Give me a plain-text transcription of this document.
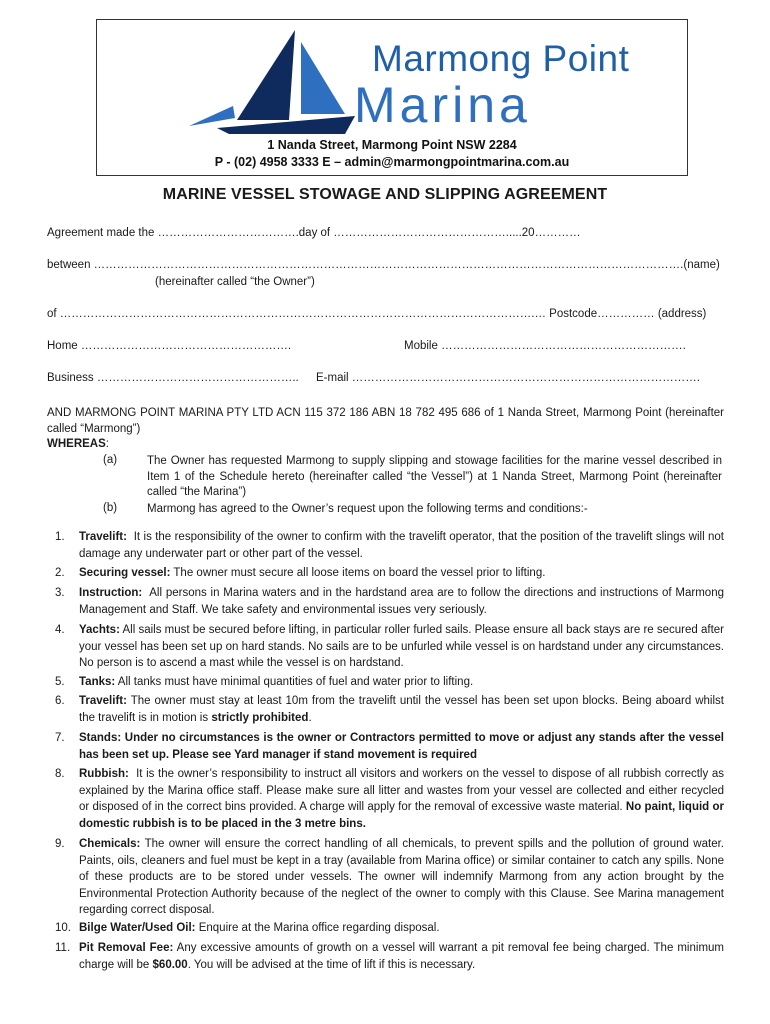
Marmong Point
Marina
1 Nanda Street, Marmong Point NSW 2284
P - (02) 4958 3333 E – admin@marmongpointmarina.com.au
MARINE VESSEL STOWAGE AND SLIPPING AGREEMENT
Agreement made the ……………………………….day of ……………………………………….....20…………
between ……………………………………………………………………………………………………………………………………….(name)
(hereinafter called “the Owner”)
of …………………………………………………………………………………………………………….… Postcode…………… (address)
Home ……………………………………………….	Mobile ……………………………………………………….
Business …………………………………………….. E-mail ……………………………………………………………………………….
AND MARMONG POINT MARINA PTY LTD ACN 115 372 186 ABN 18 782 495 686 of 1 Nanda Street, Marmong Point (hereinafter called “Marmong”)
WHEREAS:
(a)	The Owner has requested Marmong to supply slipping and stowage facilities for the marine vessel described in Item 1 of the Schedule hereto (hereinafter called “the Vessel”) at 1 Nanda Street, Marmong Point (hereinafter called “the Marina”)
(b)	Marmong has agreed to the Owner’s request upon the following terms and conditions:-
1. Travelift: It is the responsibility of the owner to confirm with the travelift operator, that the position of the travelift slings will not damage any underwater part or other part of the vessel.
2. Securing vessel: The owner must secure all loose items on board the vessel prior to lifting.
3. Instruction: All persons in Marina waters and in the hardstand area are to follow the directions and instructions of Marmong Management and Staff. We take safety and environmental issues very seriously.
4. Yachts: All sails must be secured before lifting, in particular roller furled sails. Please ensure all back stays are re secured after your vessel has been set up on hard stands. No sails are to be unfurled while vessel is on hardstand under any circumstances. No person is to ascend a mast while the vessel is on hardstand.
5. Tanks: All tanks must have minimal quantities of fuel and water prior to lifting.
6. Travelift: The owner must stay at least 10m from the travelift until the vessel has been set upon blocks. Being aboard whilst the travelift is in motion is strictly prohibited.
7. Stands: Under no circumstances is the owner or Contractors permitted to move or adjust any stands after the vessel has been set up. Please see Yard manager if stand movement is required
8. Rubbish: It is the owner’s responsibility to instruct all visitors and workers on the vessel to dispose of all rubbish correctly as explained by the Marina office staff. Please make sure all litter and wastes from your vessel are collected and either recycled or disposed of in the correct bins provided. A charge will apply for the removal of excessive waste material. No paint, liquid or domestic rubbish is to be placed in the 3 metre bins.
9. Chemicals: The owner will ensure the correct handling of all chemicals, to prevent spills and the pollution of ground water. Paints, oils, cleaners and fuel must be kept in a tray (available from Marina office) or similar container to catch any spills. None of these products are to be stored under vessels. The owner will indemnify Marmong from any action brought by the Environmental Protection Authority because of the neglect of the owner to comply with this Clause. See Marina management regarding correct disposal.
10. Bilge Water/Used Oil: Enquire at the Marina office regarding disposal.
11. Pit Removal Fee: Any excessive amounts of growth on a vessel will warrant a pit removal fee being charged. The minimum charge will be $60.00. You will be advised at the time of lift if this is necessary.
